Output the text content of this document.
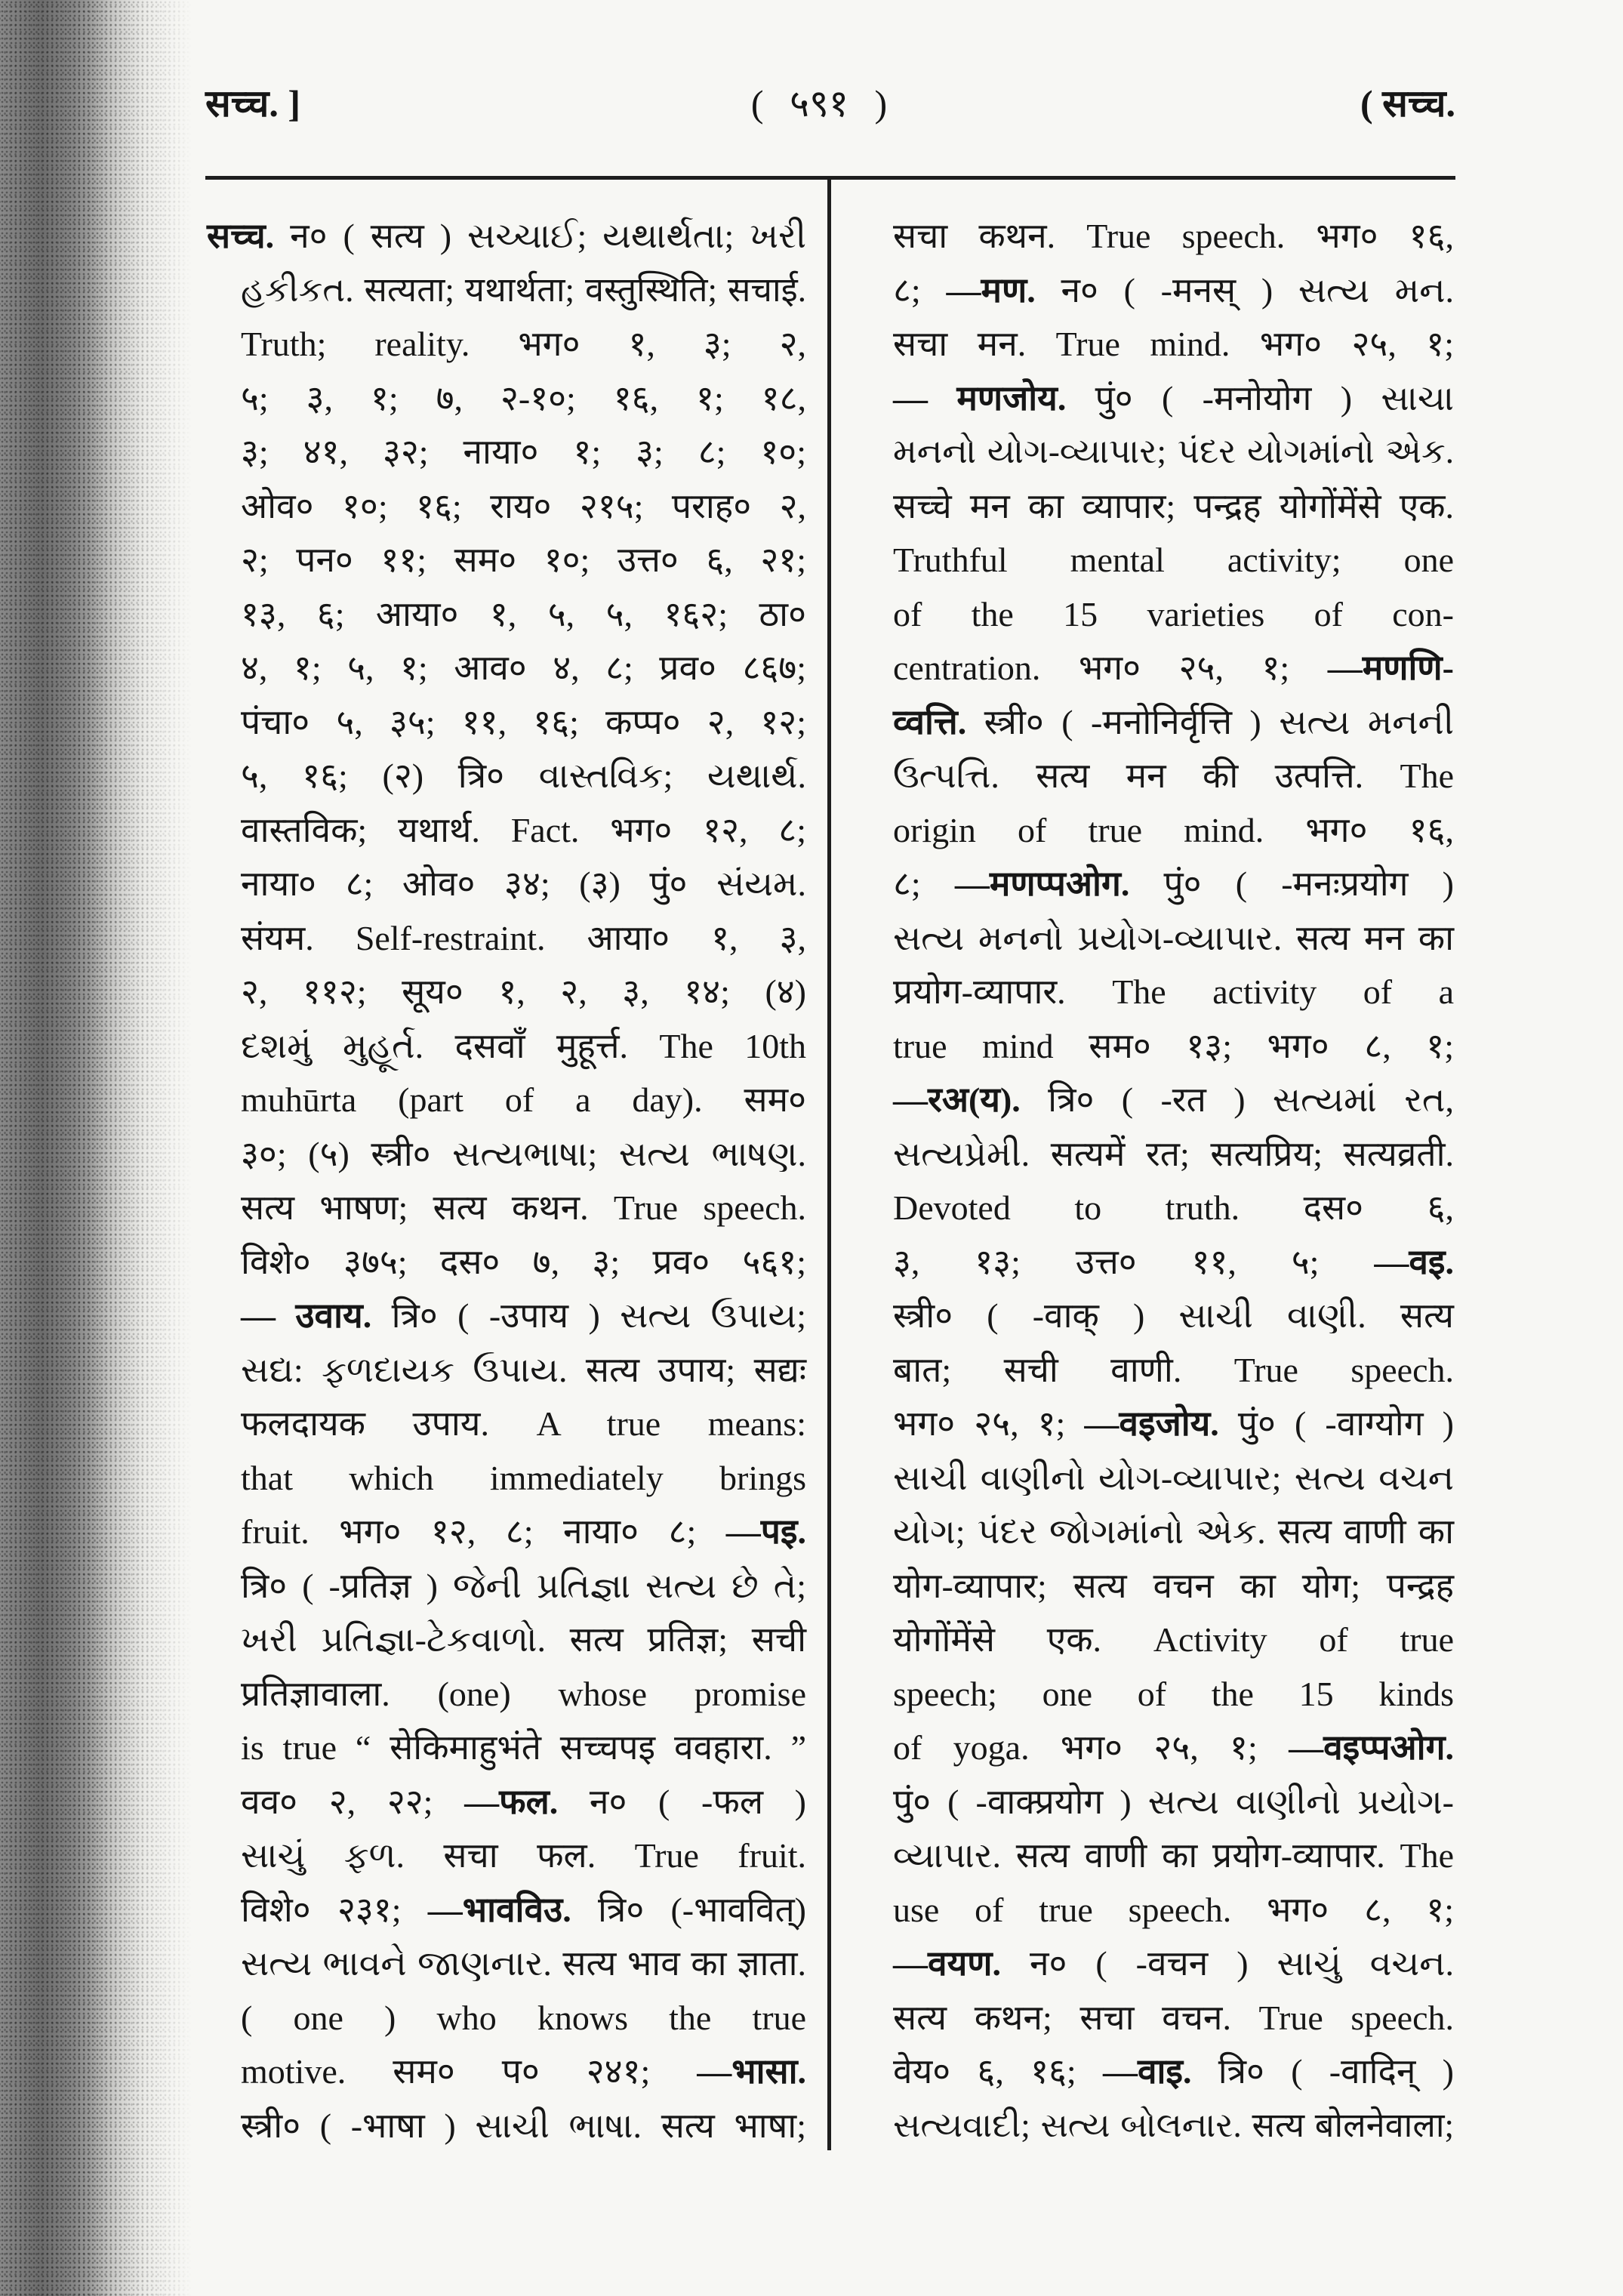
सच्च. ]	( ५९१ )	( सच्च.
सच्च. न० ( सत्य ) સચ્ચાઈ; યથાર્થતા; ખરી
હકીકત. सत्यता; यथार्थता; वस्तुस्थिति; सचाई.
Truth; reality. भग० १, ३; २,
५; ३, १; ७, २-१०; १६, १; १८,
३; ४१, ३२; नाया० १; ३; ८; १०;
ओव० १०; १६; राय० २१५; पराह० २,
२; पन० ११; सम० १०; उत्त० ६, २१;
१३, ६; आया० १, ५, ५, १६२; ठा०
४, १; ५, १; आव० ४, ८; प्रव० ८६७;
पंचा० ५, ३५; ११, १६; कप्प० २, १२;
५, १६; (२) त्रि० વાસ્તવિક; યથાર્થ.
वास्तविक; यथार्थ. Fact. भग० १२, ८;
नाया० ८; ओव० ३४; (३) पुं० સંયમ.
संयम. Self-restraint. आया० १, ३,
२, ११२; सूय० १, २, ३, १४; (४)
દશમું મુહૂર્ત. दसवाँ मुहूर्त्त. The 10th
muhūrta (part of a day). सम०
३०; (५) स्त्री० સત્યભાષા; સત્ય ભાષણ.
सत्य भाषण; सत्य कथन. True speech.
विशे० ३७५; दस० ७, ३; प्रव० ५६१;
— उवाय. त्रि० ( -उपाय ) સત્ય ઉપાય;
સદ્ય: ફળદાયક ઉપાય. सत्य उपाय; सद्यः
फलदायक उपाय. A true means:
that which immediately brings
fruit. भग० १२, ८; नाया० ८; —पइ.
त्रि० ( -प्रतिज्ञ ) જેની પ્રતિજ્ઞા સત્ય છે તે;
ખરી પ્રતિજ્ઞા-ટેકવાળો. सत्य प्रतिज्ञ; सची
प्रतिज्ञावाला. (one) whose promise
is true “ सेकिमाहुभंते सच्चपइ ववहारा. ”
वव० २, २२; —फल. न० ( -फल )
સાચું ફળ. सचा फल. True fruit.
विशे० २३१; —भावविउ. त्रि० (-भाववित्)
સત્ય ભાવને જાણનાર. सत्य भाव का ज्ञाता.
( one ) who knows the true
motive. सम० प० २४१; —भासा.
स्त्री० ( -भाषा ) સાચી ભાષા. सत्य भाषा;
सचा कथन. True speech. भग० १६,
८; —मण. न० ( -मनस् ) સત્ય મન.
सचा मन. True mind. भग० २५, १;
— मणजोय. पुं० ( -मनोयोग ) સાચા
મનનો યોગ-વ્યાપાર; પંદર યોગમાંનો એક.
सच्चे मन का व्यापार; पन्द्रह योगोंमेंसे एक.
Truthful mental activity; one
of the 15 varieties of con-
centration. भग० २५, १; —मणणि-
व्वत्ति. स्त्री० ( -मनोनिर्वृत्ति ) સત્ય મનની
ઉત્પત્તિ. सत्य मन की उत्पत्ति. The
origin of true mind. भग० १६,
८; —मणप्पओग. पुं० ( -मनःप्रयोग )
સત્ય મનનો પ્રયોગ-વ્યાપાર. सत्य मन का
प्रयोग-व्यापार. The activity of a
true mind सम० १३; भग० ८, १;
—रअ(य). त्रि० ( -रत ) સત્યમાં રત,
સત્યપ્રેમી. सत्यमें रत; सत्यप्रिय; सत्यव्रती.
Devoted to truth. दस० ६,
३, १३; उत्त० ११, ५; —वइ.
स्त्री० ( -वाक् ) સાચી વાણી. सत्य
बात; सची वाणी. True speech.
भग० २५, १; —वइजोय. पुं० ( -वाग्योग )
સાચી વાણીનો યોગ-વ્યાપાર; સત્ય વચન
યોગ; પંદર જોગમાંનો એક. सत्य वाणी का
योग-व्यापार; सत्य वचन का योग; पन्द्रह
योगोंमेंसे एक. Activity of true
speech; one of the 15 kinds
of yoga. भग० २५, १; —वइप्पओग.
पुं० ( -वाक्प्रयोग ) સત્ય વાણીનો પ્રયોગ-
વ્યાપાર. सत्य वाणी का प्रयोग-व्यापार. The
use of true speech. भग० ८, १;
—वयण. न० ( -वचन ) સાચું વચન.
सत्य कथन; सचा वचन. True speech.
वेय० ६, १६; —वाइ. त्रि० ( -वादिन् )
સત્યવાદી; સત્ય બોલનાર. सत्य बोलनेवाला;
